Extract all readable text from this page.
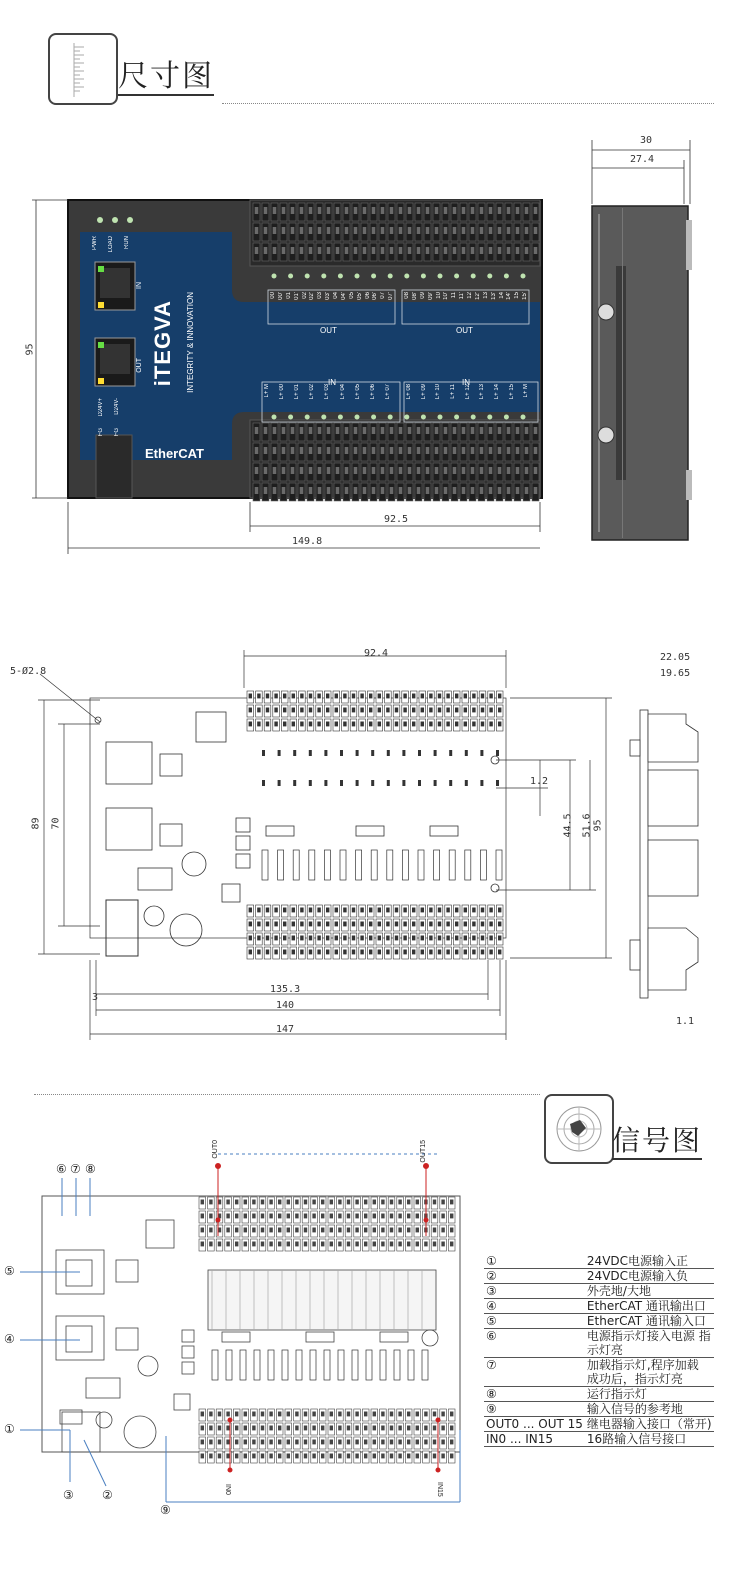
尺寸图
PWR LOAD RUN
IN
OUT
FG
D24V+
FG
D24V-
iTEGVA INTEGRITY & INNOVATION
EtherCAT
OUT	OUT
IN	IN
00 00' 01 01' 02 02' 03 03' 04 04' 05 05' 06 06' 07 07' 08 08' 09 09' 10 10' 11 11' 12 12' 13 13' 14 14' 15 15'
L+ M L+ 00 L+ 01 L+ 02 L+ 03 L+ 04 L+ 05 L+ 06 L+ 07	L+ 08 L+ 09 L+ 10 L+ 11 L+ 12 L+ 13 L+ 14 L+ 15 L+ M
95
92.5
149.8
30
27.4
5-Ø2.8
92.4
89 70
1.2
44.5 51.6 95
135.3
140
147
3
22.05
19.65
1.1
信号图
OUT0	OUT15
IN0	IN15
⑥ ⑦ ⑧
⑤
④
①
③ ②
⑨
①	24VDC电源输入正
②	24VDC电源输入负
③	外壳地/大地
④	EtherCAT 通讯输出口
⑤	EtherCAT 通讯输入口
⑥	电源指示灯接入电源 指示灯亮
⑦	加载指示灯,程序加载 成功后，指示灯亮
⑧	运行指示灯
⑨	输入信号的参考地
OUT0 ... OUT 15	继电器输入接口（常开)
IN0 ... IN15	16路输入信号接口
